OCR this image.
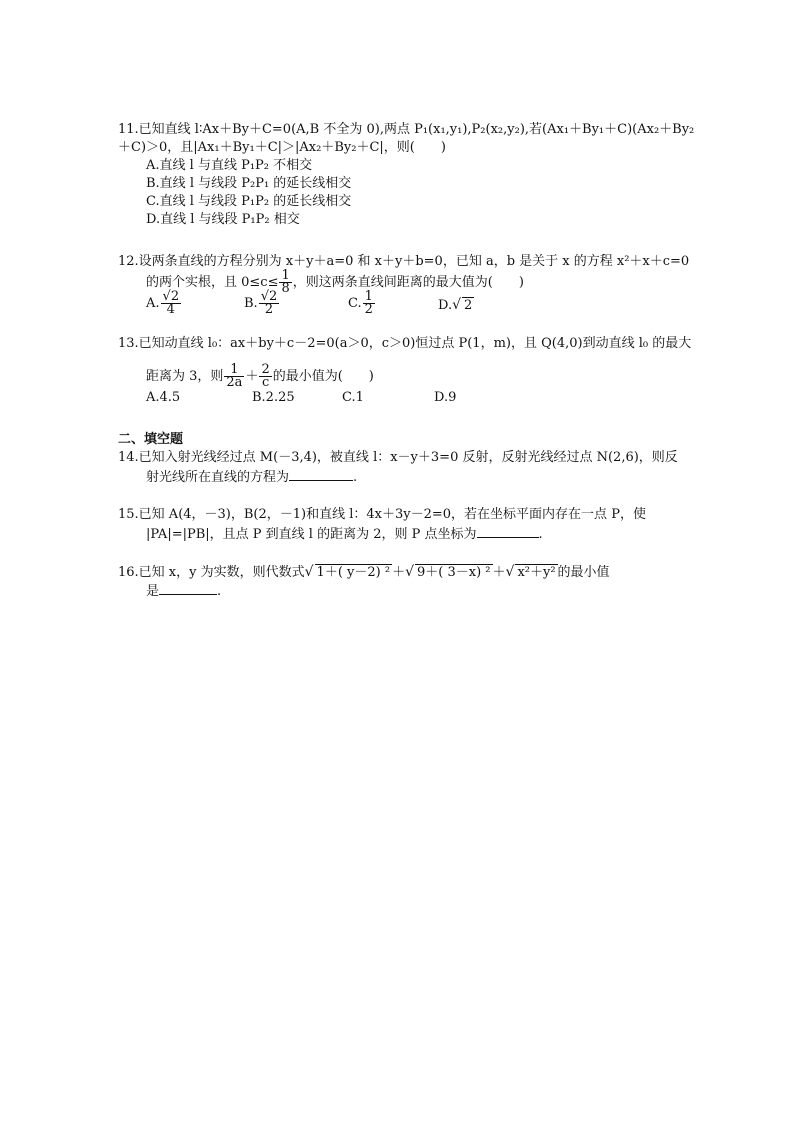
11.已知直线 l∶Ax＋By＋C=0(A,B 不全为 0),两点 P₁(x₁,y₁),P₂(x₂,y₂),若(Ax₁＋By₁＋C)(Ax₂＋By₂
＋C)＞0，且|Ax₁＋By₁＋C|＞|Ax₂＋By₂＋C|，则(　　)
A.直线 l 与直线 P₁P₂ 不相交
B.直线 l 与线段 P₂P₁ 的延长线相交
C.直线 l 与线段 P₁P₂ 的延长线相交
D.直线 l 与线段 P₁P₂ 相交
12.设两条直线的方程分别为 x＋y＋a=0 和 x＋y＋b=0，已知 a，b 是关于 x 的方程 x²＋x＋c=0
的两个实根，且 $0\le c\le \frac{1}{8}$ ，则这两条直线间距离的最大值为(　　)
A. $\frac{√2}{4}$	B. $\frac{√2}{2}$	C. $\frac{1}{2}$	D.√ 2
13.已知动直线 l₀：ax＋by＋c－2=0(a＞0，c＞0)恒过点 P(1，m)，且 Q(4,0)到动直线 l₀ 的最大
距离为 3，则 $\frac{1}{2a} + \frac{2}{c}$ 的最小值为(　　)
A.4.5	B.2.25	C.1	D.9
二、填空题
14.已知入射光线经过点 M(－3,4)，被直线 l：x－y＋3=0 反射，反射光线经过点 N(2,6)，则反
射光线所在直线的方程为	.
15.已知 A(4，－3)，B(2，－1)和直线 l：4x＋3y－2=0，若在坐标平面内存在一点 P，使
|PA|=|PB|，且点 P 到直线 l 的距离为 2，则 P 点坐标为	.
16.已知 x，y 为实数，则代数式√ 1＋( y－2) ² ＋√ 9＋( 3－x) ² ＋√ x²＋y² 的最小值
是	.
